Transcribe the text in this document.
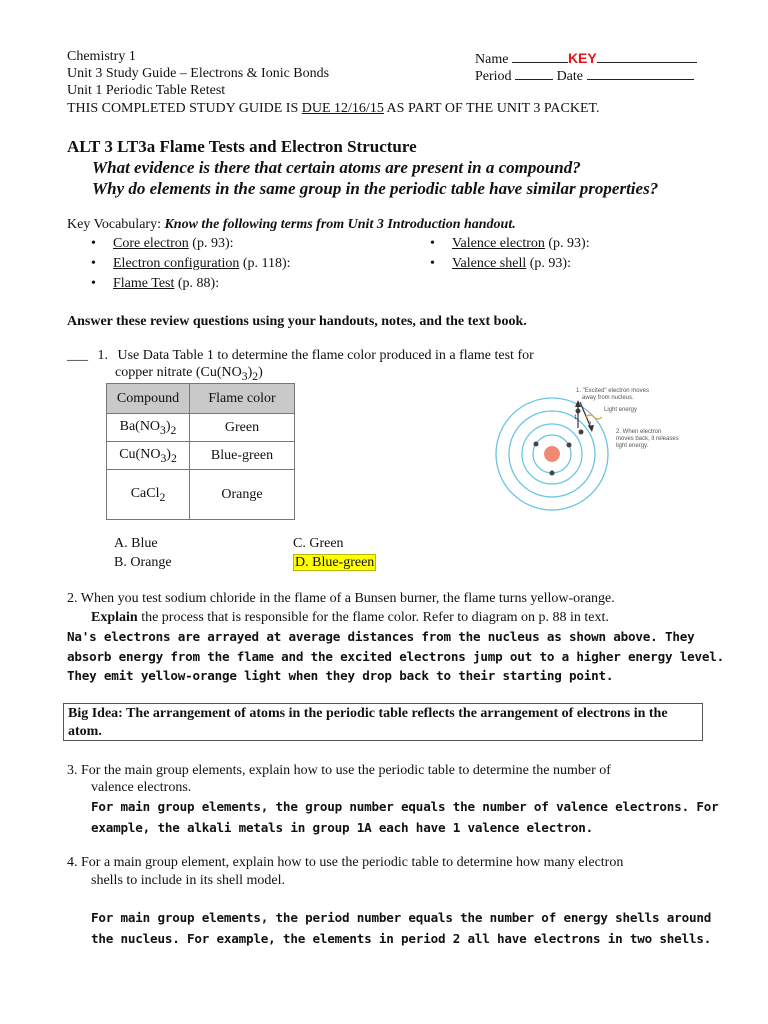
Chemistry 1
Unit 3 Study Guide – Electrons & Ionic Bonds
Unit 1 Periodic Table Retest
THIS COMPLETED STUDY GUIDE IS DUE 12/16/15 AS PART OF THE UNIT 3 PACKET.
Name	KEY
Period	Date
ALT 3 LT3a Flame Tests and Electron Structure
What evidence is there that certain atoms are present in a compound?
Why do elements in the same group in the periodic table have similar properties?
Key Vocabulary: Know the following terms from Unit 3 Introduction handout.
• Core electron (p. 93):
• Electron configuration (p. 118):
• Flame Test (p. 88):
• Valence electron (p. 93):
• Valence shell (p. 93):
Answer these review questions using your handouts, notes, and the text book.
___ 1. Use Data Table 1 to determine the flame color produced in a flame test for
copper nitrate $(Cu(NO_3)_2)$
Compound	Flame color
$Ba(NO_3)_2$	Green
$Cu(NO_3)_2$	Blue-green
CaCl$_2$	Orange
A. Blue
B. Orange
C. Green
D. Blue-green
1.
2.
1. "Excited" electron moves
away from nucleus.
Light energy
2. When electron
moves back, it releases
light energy.
2. When you test sodium chloride in the flame of a Bunsen burner, the flame turns yellow-orange.
Explain the process that is responsible for the flame color. Refer to diagram on p. 88 in text.
Na's electrons are arrayed at average distances from the nucleus as shown above. They
absorb energy from the flame and the excited electrons jump out to a higher energy level.
They emit yellow-orange light when they drop back to their starting point.
Big Idea: The arrangement of atoms in the periodic table reflects the arrangement of electrons in the atom.
3. For the main group elements, explain how to use the periodic table to determine the number of
valence electrons.
For main group elements, the group number equals the number of valence electrons. For
example, the alkali metals in group 1A each have 1 valence electron.
4. For a main group element, explain how to use the periodic table to determine how many electron
shells to include in its shell model.
For main group elements, the period number equals the number of energy shells around
the nucleus. For example, the elements in period 2 all have electrons in two shells.
